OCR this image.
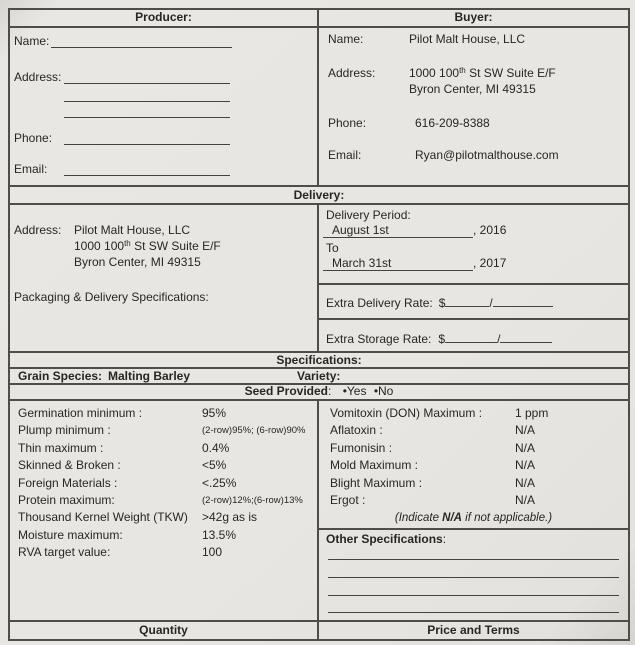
Producer:	Buyer:
Name:
Address:
Phone:
Email:
Name:	Pilot Malt House, LLC
Address:	1000 100th St SW Suite E/F
Byron Center, MI 49315
Phone:	616-209-8388
Email:	Ryan@pilotmalthouse.com
Delivery:
Address: Pilot Malt House, LLC
1000 100th St SW Suite E/F
Byron Center, MI 49315
Packaging & Delivery Specifications:
Delivery Period:
August 1st	, 2016
To
March 31st	, 2017
Extra Delivery Rate: $	/
Extra Storage Rate: $	/
Specifications:
Grain Species: Malting Barley	Variety:
Seed Provided: •Yes •No
Germination minimum :	95%
Plump minimum :	(2-row)95%; (6-row)90%
Thin maximum :	0.4%
Skinned & Broken :	<5%
Foreign Materials :	<.25%
Protein maximum:	(2-row)12%;(6-row)13%
Thousand Kernel Weight (TKW)	>42g as is
Moisture maximum:	13.5%
RVA target value:	100
Vomitoxin (DON) Maximum :	1 ppm
Aflatoxin :	N/A
Fumonisin :	N/A
Mold Maximum :	N/A
Blight Maximum :	N/A
Ergot :	N/A
(Indicate N/A if not applicable.)
Other Specifications:
Quantity	Price and Terms
